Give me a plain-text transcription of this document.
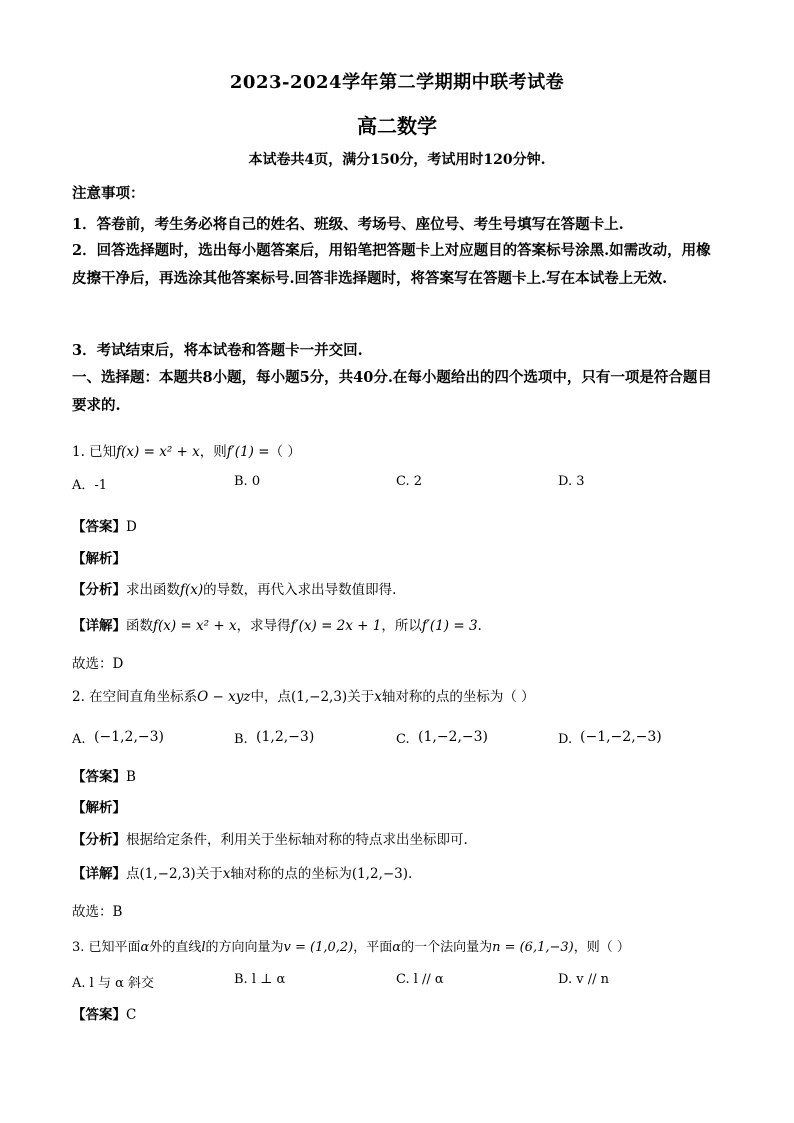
2023-2024学年第二学期期中联考试卷
高二数学
本试卷共4页，满分150分，考试用时120分钟.
注意事项：
1．答卷前，考生务必将自己的姓名、班级、考场号、座位号、考生号填写在答题卡上.
2．回答选择题时，选出每小题答案后，用铅笔把答题卡上对应题目的答案标号涂黑.如需改动，用橡皮擦干净后，再选涂其他答案标号.回答非选择题时，将答案写在答题卡上.写在本试卷上无效.
3．考试结束后，将本试卷和答题卡一并交回.
一、选择题：本题共8小题，每小题5分，共40分.在每小题给出的四个选项中，只有一项是符合题目要求的.
1. 已知f(x) = x² + x，则f′(1) =（ ）
A．-1	B. 0	C. 2	D. 3
【答案】D
【解析】
【分析】求出函数f(x)的导数，再代入求出导数值即得.
【详解】函数f(x) = x² + x，求导得f′(x) = 2x + 1，所以f′(1) = 3.
故选：D
2. 在空间直角坐标系O − xyz中，点(1,−2,3)关于x轴对称的点的坐标为（ ）
A. (−1,2,−3)	B. (1,2,−3)	C. (1,−2,−3)	D. (−1,−2,−3)
【答案】B
【解析】
【分析】根据给定条件，利用关于坐标轴对称的特点求出坐标即可.
【详解】点(1,−2,3)关于x轴对称的点的坐标为(1,2,−3).
故选：B
3. 已知平面α外的直线l的方向向量为v = (1,0,2)，平面α的一个法向量为n = (6,1,−3)，则（ ）
A. l 与 α 斜交	B. l ⊥ α	C. l // α	D. v // n
【答案】C
